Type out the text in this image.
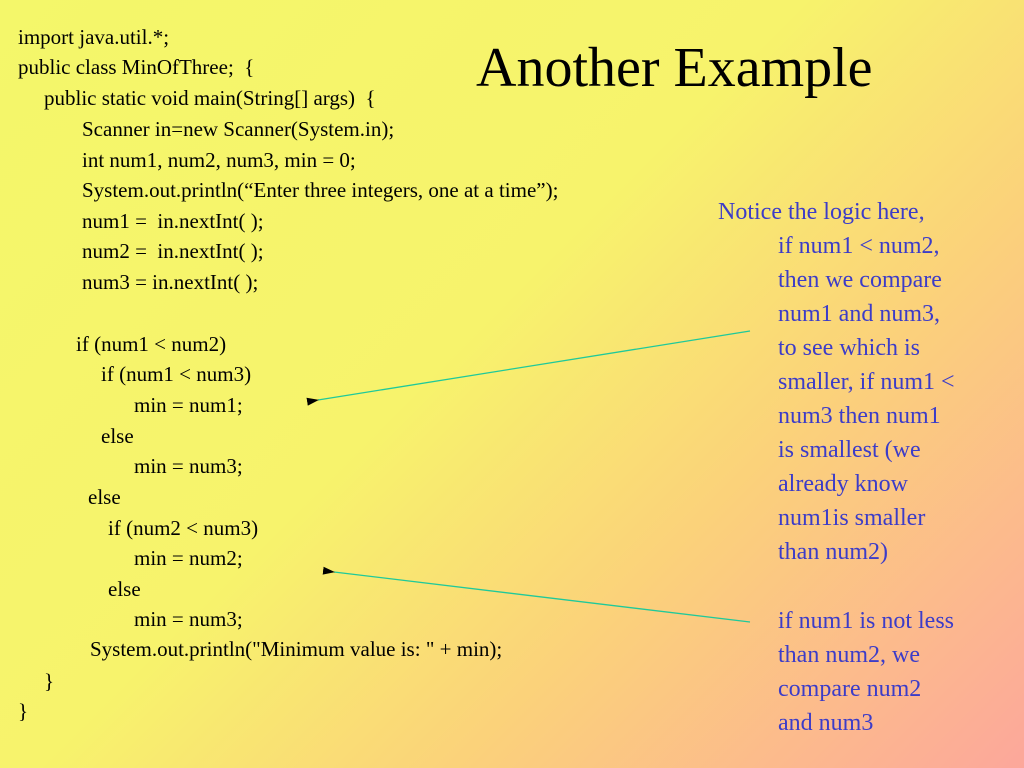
Another Example
import java.util.*;
public class MinOfThree;  {
public static void main(String[] args)  {
Scanner in=new Scanner(System.in);
int num1, num2, num3, min = 0;
System.out.println(“Enter three integers, one at a time”);
num1 =  in.nextInt( );
num2 =  in.nextInt( );
num3 = in.nextInt( );
if (num1 < num2)
if (num1 < num3)
min = num1;
else
min = num3;
else
if (num2 < num3)
min = num2;
else
min = num3;
System.out.println("Minimum value is: " + min);
}
}
Notice the logic here,
if num1 < num2,
then we compare
num1 and num3,
to see which is
smaller, if num1 <
num3 then num1
is smallest (we
already know
num1is smaller
than num2)
if num1 is not less
than num2, we
compare num2
and num3
